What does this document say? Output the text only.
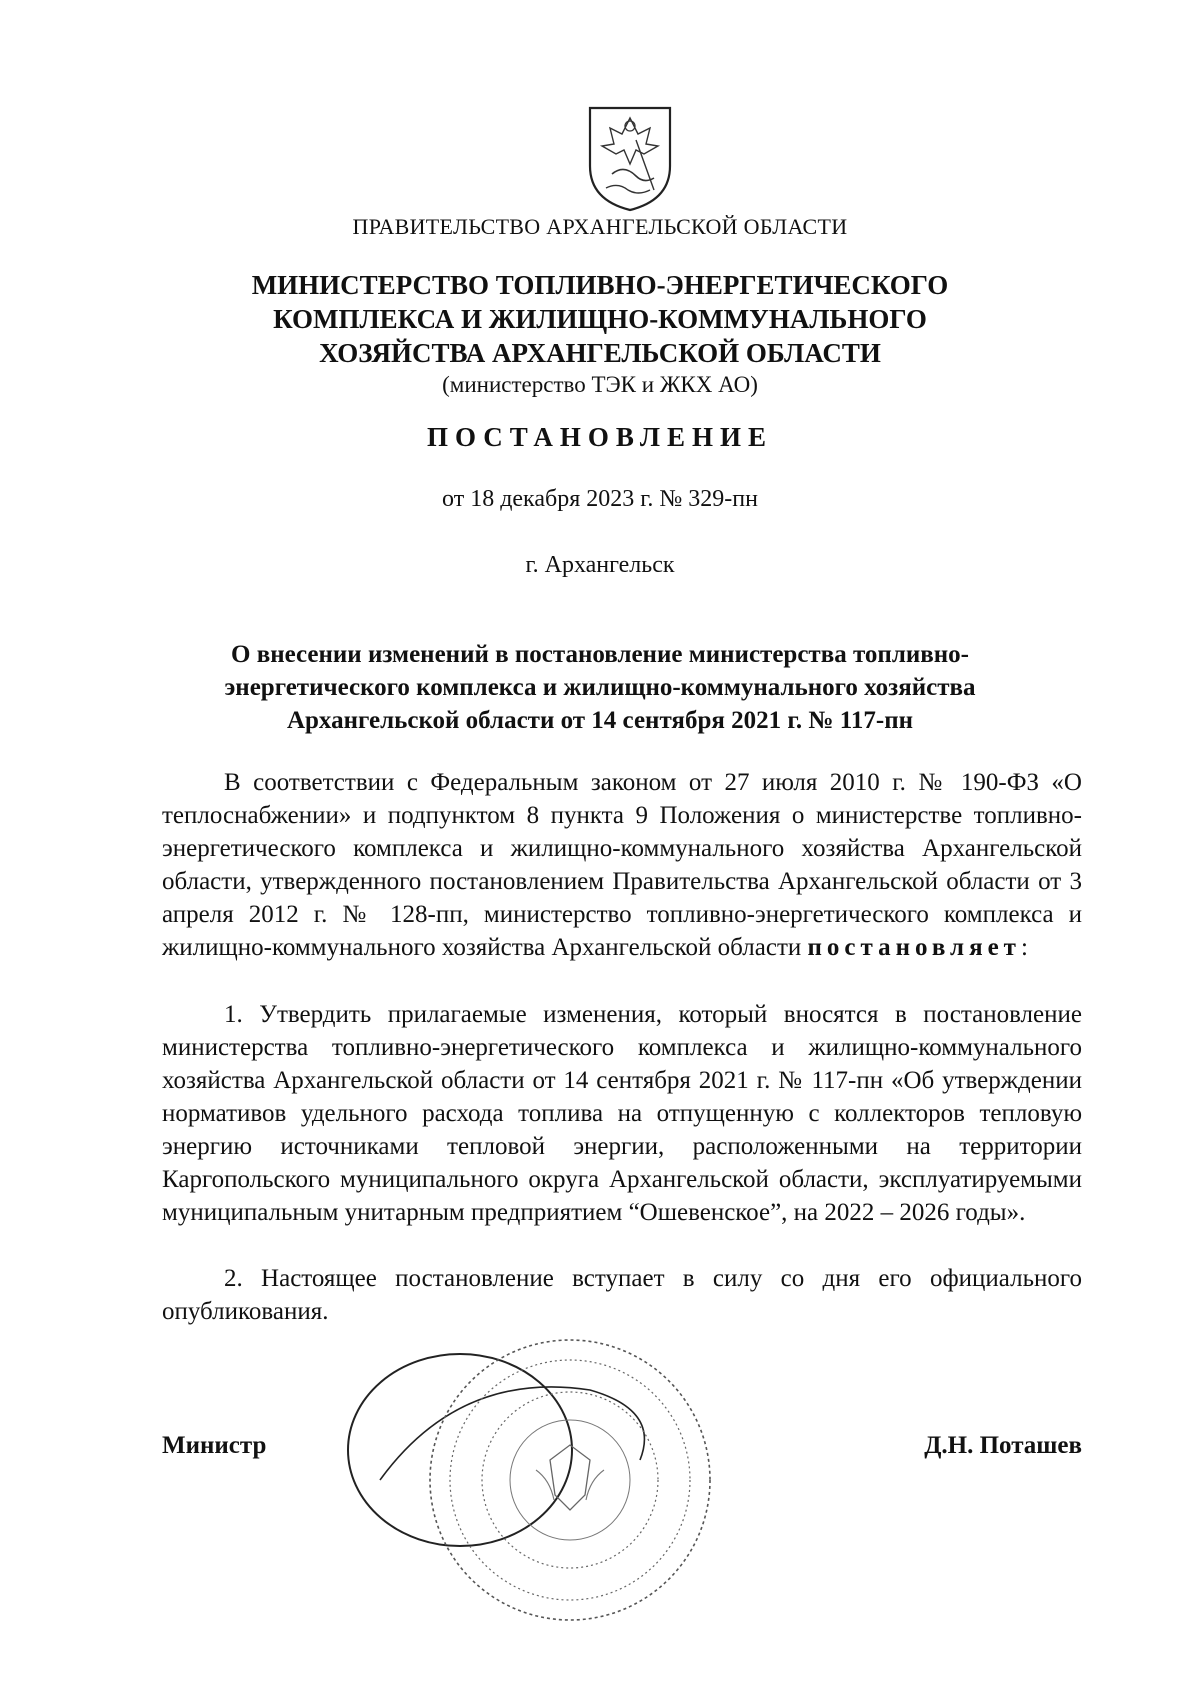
ПРАВИТЕЛЬСТВО АРХАНГЕЛЬСКОЙ ОБЛАСТИ
МИНИСТЕРСТВО ТОПЛИВНО-ЭНЕРГЕТИЧЕСКОГО
КОМПЛЕКСА И ЖИЛИЩНО-КОММУНАЛЬНОГО
ХОЗЯЙСТВА АРХАНГЕЛЬСКОЙ ОБЛАСТИ
(министерство ТЭК и ЖКХ АО)
ПОСТАНОВЛЕНИЕ
от 18 декабря 2023 г. № 329-пн
г. Архангельск
О внесении изменений в постановление министерства топливно-
энергетического комплекса и жилищно-коммунального хозяйства
Архангельской области от 14 сентября 2021 г. № 117-пн
В соответствии с Федеральным законом от 27 июля 2010 г. № 190-ФЗ «О теплоснабжении» и подпунктом 8 пункта 9 Положения о министерстве топливно-энергетического комплекса и жилищно-коммунального хозяйства Архангельской области, утвержденного постановлением Правительства Архангельской области от 3 апреля 2012 г. № 128-пп, министерство топливно-энергетического комплекса и жилищно-коммунального хозяйства Архангельской области постановляет:
1. Утвердить прилагаемые изменения, который вносятся в постановление министерства топливно-энергетического комплекса и жилищно-коммунального хозяйства Архангельской области от 14 сентября 2021 г. № 117-пн «Об утверждении нормативов удельного расхода топлива на отпущенную с коллекторов тепловую энергию источниками тепловой энергии, расположенными на территории Каргопольского муниципального округа Архангельской области, эксплуатируемыми муниципальным унитарным предприятием “Ошевенское”, на 2022 – 2026 годы».
2. Настоящее постановление вступает в силу со дня его официального опубликования.
Министр	Д.Н. Поташев
